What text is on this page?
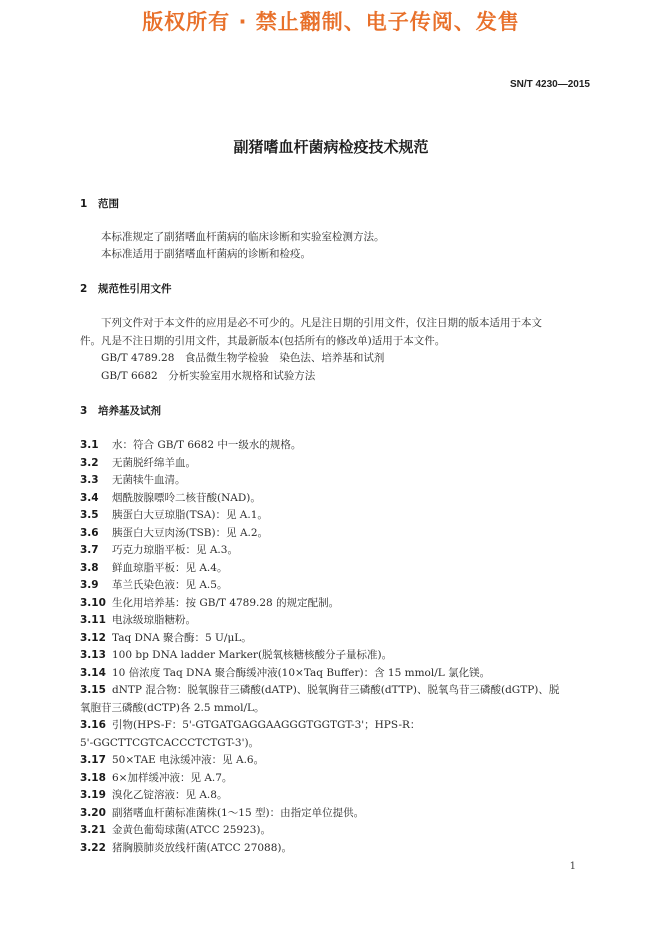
版权所有 · 禁止翻制、电子传阅、发售
SN/T 4230—2015
副猪嗜血杆菌病检疫技术规范
1 范围
本标准规定了副猪嗜血杆菌病的临床诊断和实验室检测方法。
本标准适用于副猪嗜血杆菌病的诊断和检疫。
2 规范性引用文件
下列文件对于本文件的应用是必不可少的。凡是注日期的引用文件，仅注日期的版本适用于本文
件。凡是不注日期的引用文件，其最新版本(包括所有的修改单)适用于本文件。
GB/T 4789.28　食品微生物学检验　染色法、培养基和试剂
GB/T 6682　分析实验室用水规格和试验方法
3 培养基及试剂
3.1 水：符合 GB/T 6682 中一级水的规格。
3.2 无菌脱纤绵羊血。
3.3 无菌犊牛血清。
3.4 烟酰胺腺嘌呤二核苷酸(NAD)。
3.5 胰蛋白大豆琼脂(TSA)：见 A.1。
3.6 胰蛋白大豆肉汤(TSB)：见 A.2。
3.7 巧克力琼脂平板：见 A.3。
3.8 鲜血琼脂平板：见 A.4。
3.9 革兰氏染色液：见 A.5。
3.10 生化用培养基：按 GB/T 4789.28 的规定配制。
3.11 电泳级琼脂糖粉。
3.12 Taq DNA 聚合酶：5 U/μL。
3.13 100 bp DNA ladder Marker(脱氧核糖核酸分子量标准)。
3.14 10 倍浓度 Taq DNA 聚合酶缓冲液(10×Taq Buffer)：含 15 mmol/L 氯化镁。
3.15 dNTP 混合物：脱氧腺苷三磷酸(dATP)、脱氧胸苷三磷酸(dTTP)、脱氧鸟苷三磷酸(dGTP)、脱
氧胞苷三磷酸(dCTP)各 2.5 mmol/L。
3.16 引物(HPS-F：5'-GTGATGAGGAAGGGTGGTGT-3'；HPS-R：
5'-GGCTTCGTCACCCTCTGT-3')。
3.17 50×TAE 电泳缓冲液：见 A.6。
3.18 6×加样缓冲液：见 A.7。
3.19 溴化乙锭溶液：见 A.8。
3.20 副猪嗜血杆菌标准菌株(1～15 型)：由指定单位提供。
3.21 金黄色葡萄球菌(ATCC 25923)。
3.22 猪胸膜肺炎放线杆菌(ATCC 27088)。
1
